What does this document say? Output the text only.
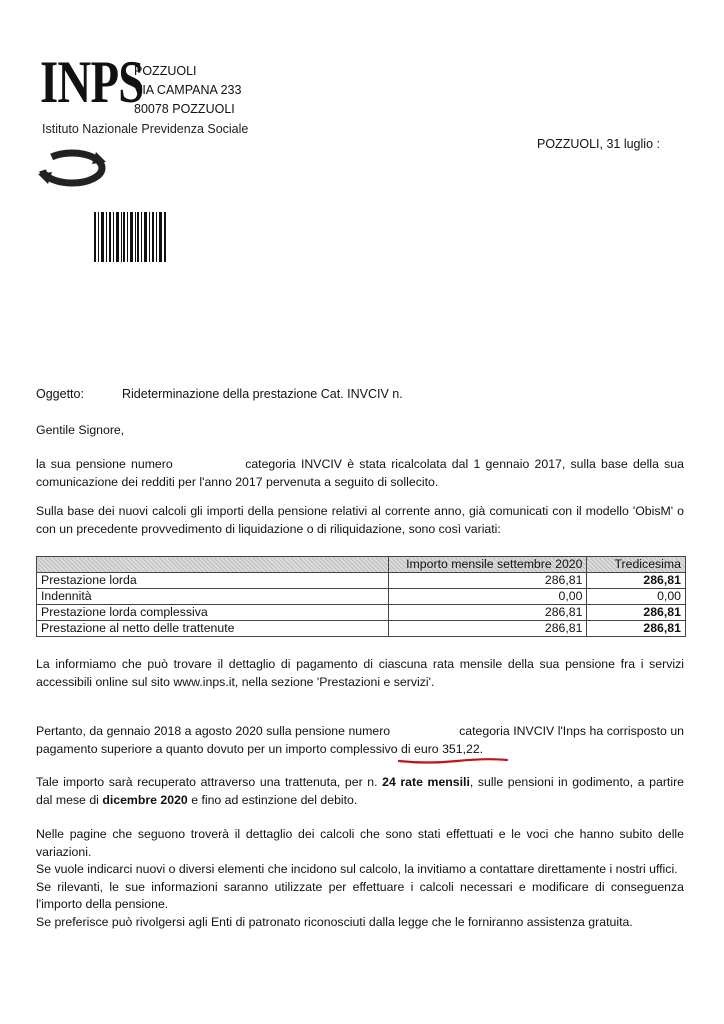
INPS
Istituto Nazionale Previdenza Sociale
POZZUOLI
VIA CAMPANA 233
80078 POZZUOLI
POZZUOLI, 31 luglio :
Oggetto:	Rideterminazione della prestazione Cat. INVCIV n.
Gentile Signore,
la sua pensione numero	categoria INVCIV è stata ricalcolata dal 1 gennaio 2017, sulla base della sua comunicazione dei redditi per l'anno 2017 pervenuta a seguito di sollecito.
Sulla base dei nuovi calcoli gli importi della pensione relativi al corrente anno, già comunicati con il modello 'ObisM' o con un precedente provvedimento di liquidazione o di riliquidazione, sono così variati:
	Importo mensile settembre 2020	Tredicesima
Prestazione lorda	286,81	286,81
Indennità	0,00	0,00
Prestazione lorda complessiva	286,81	286,81
Prestazione al netto delle trattenute	286,81	286,81
La informiamo che può trovare il dettaglio di pagamento di ciascuna rata mensile della sua pensione fra i servizi accessibili online sul sito www.inps.it, nella sezione 'Prestazioni e servizi'.
Pertanto, da gennaio 2018 a agosto 2020 sulla pensione numero	categoria INVCIV l'Inps ha corrisposto un pagamento superiore a quanto dovuto per un importo complessivo di euro 351,22.
Tale importo sarà recuperato attraverso una trattenuta, per n. 24 rate mensili, sulle pensioni in godimento, a partire dal mese di dicembre 2020 e fino ad estinzione del debito.
Nelle pagine che seguono troverà il dettaglio dei calcoli che sono stati effettuati e le voci che hanno subito delle variazioni.
Se vuole indicarci nuovi o diversi elementi che incidono sul calcolo, la invitiamo a contattare direttamente i nostri uffici.
Se rilevanti, le sue informazioni saranno utilizzate per effettuare i calcoli necessari e modificare di conseguenza l'importo della pensione.
Se preferisce può rivolgersi agli Enti di patronato riconosciuti dalla legge che le forniranno assistenza gratuita.
